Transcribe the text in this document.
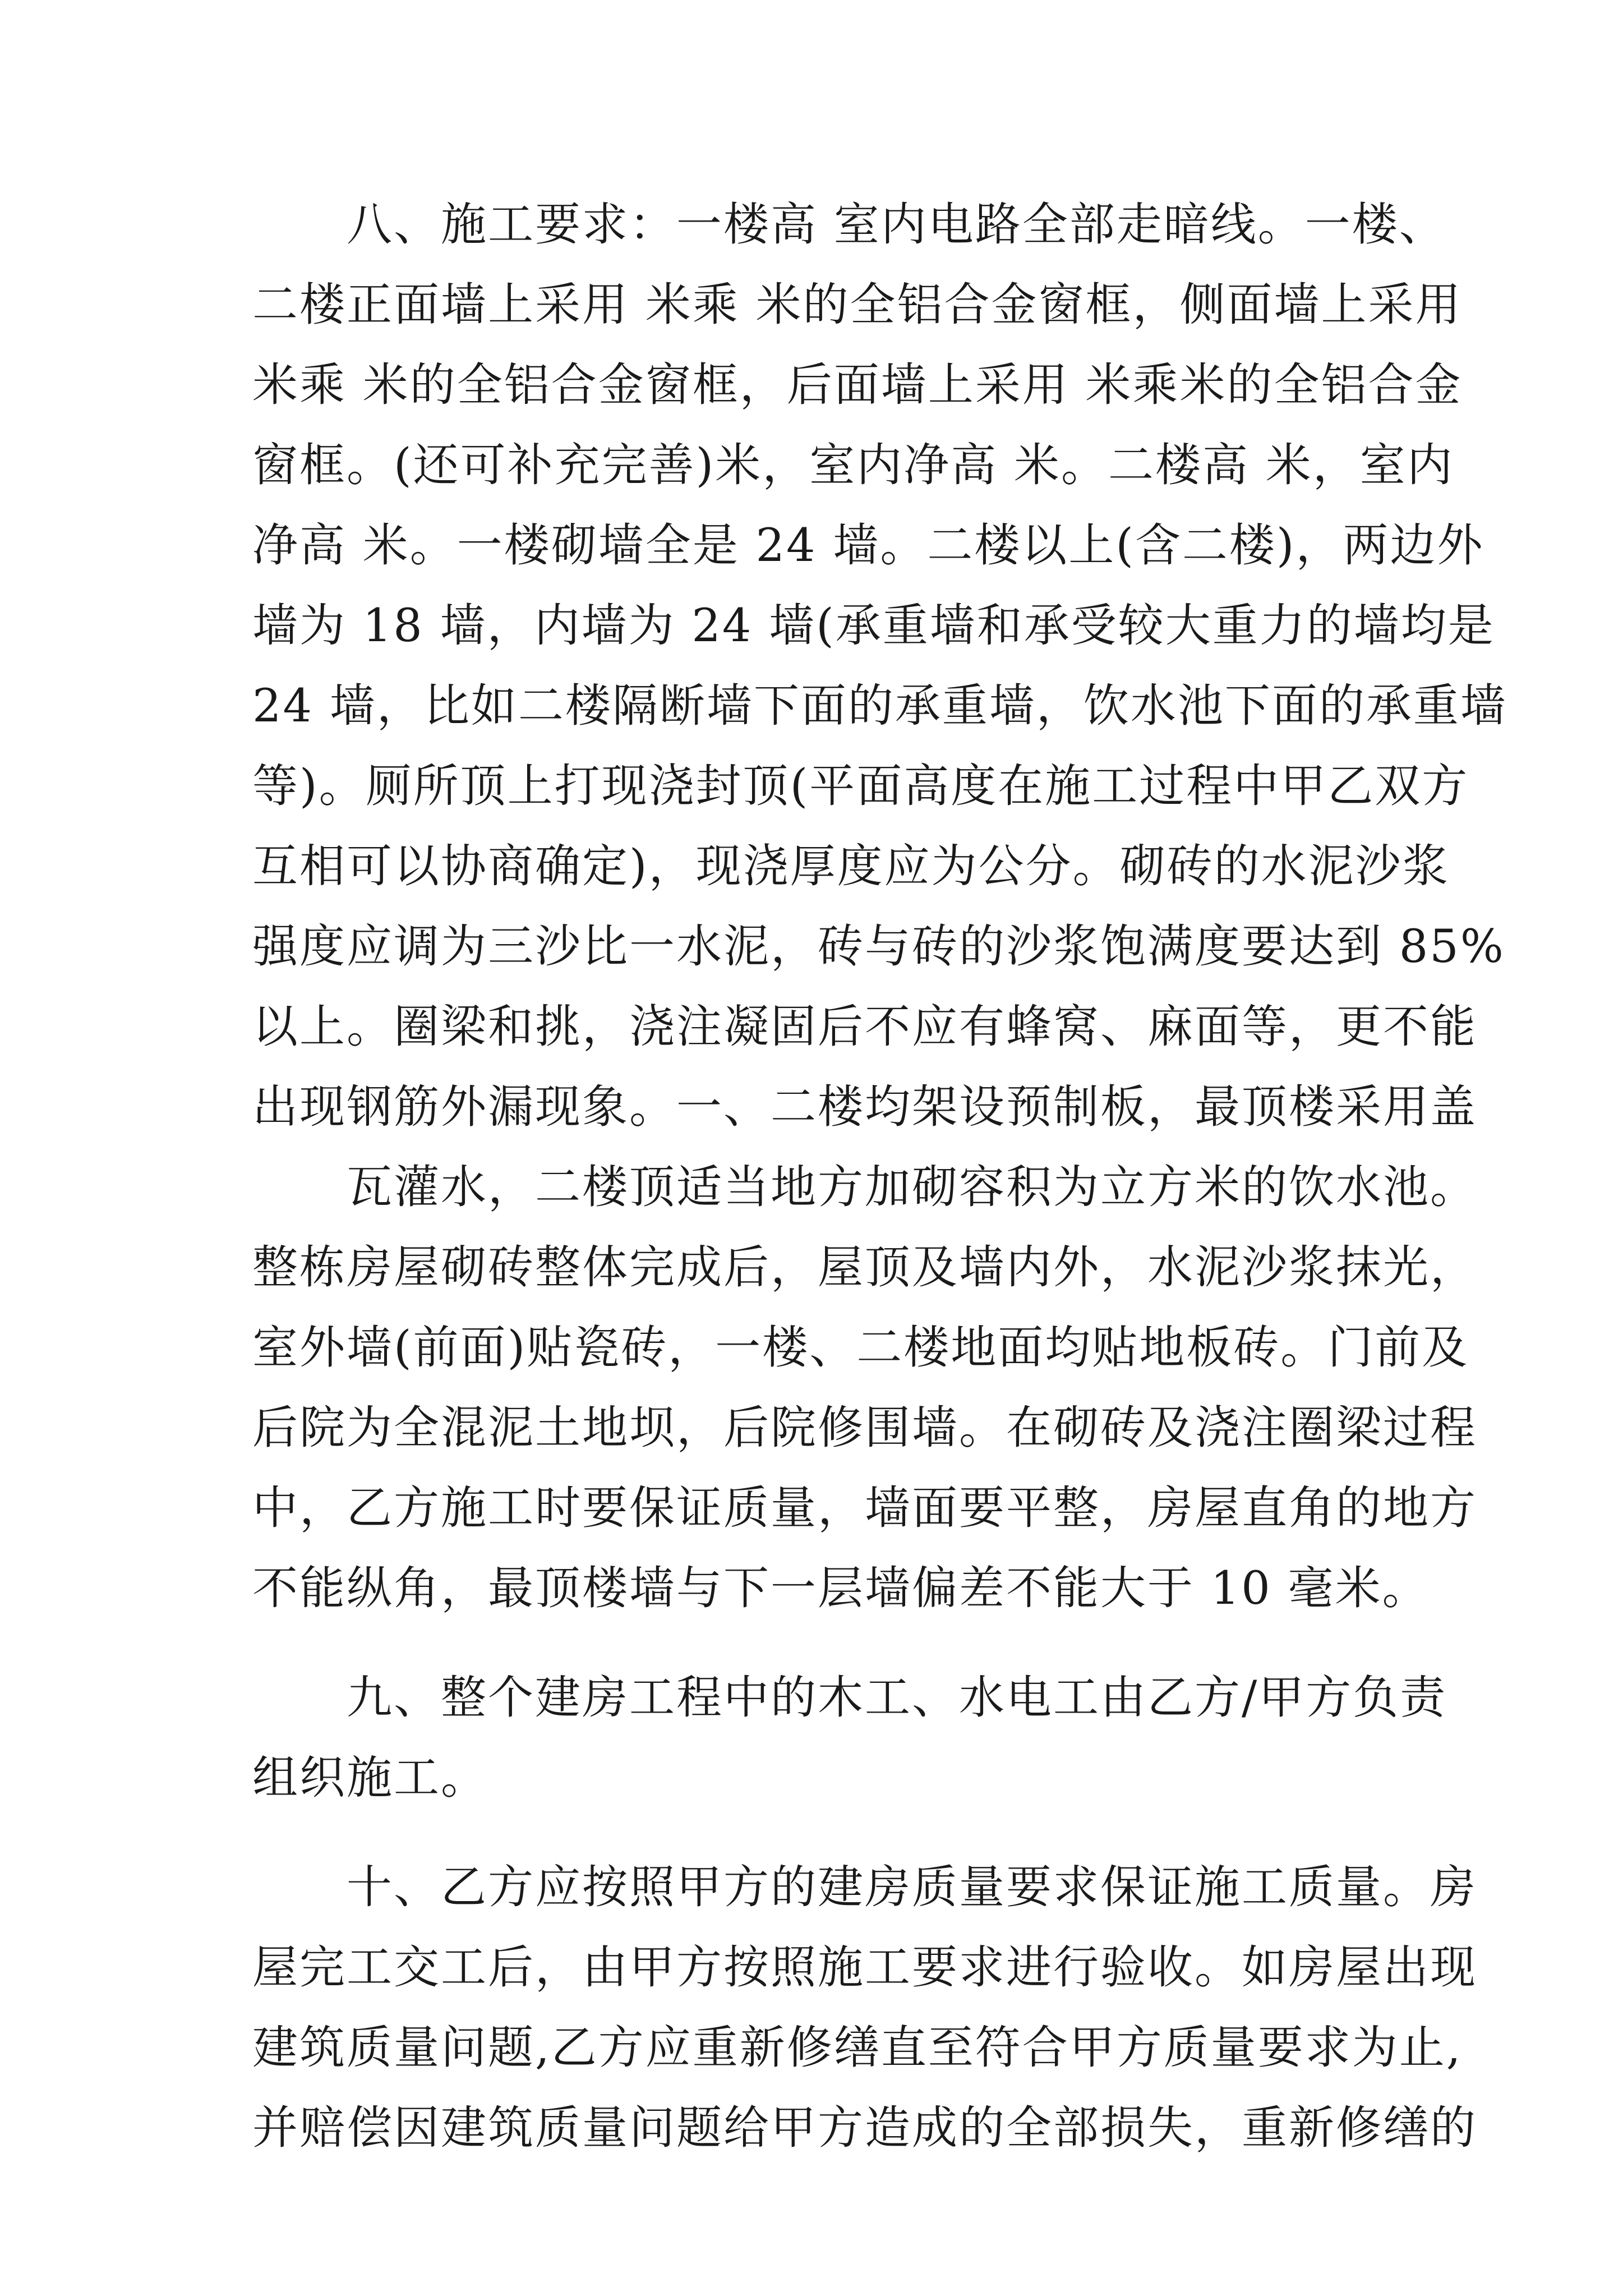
　　八、施工要求：一楼高 室内电路全部走暗线。一楼、
二楼正面墙上采用 米乘 米的全铝合金窗框，侧面墙上采用
米乘 米的全铝合金窗框，后面墙上采用 米乘米的全铝合金
窗框。(还可补充完善)米，室内净高 米。二楼高 米，室内
净高 米。一楼砌墙全是 24 墙。二楼以上(含二楼)，两边外
墙为 18 墙，内墙为 24 墙(承重墙和承受较大重力的墙均是
24 墙，比如二楼隔断墙下面的承重墙，饮水池下面的承重墙
等)。厕所顶上打现浇封顶(平面高度在施工过程中甲乙双方
互相可以协商确定)，现浇厚度应为公分。砌砖的水泥沙浆
强度应调为三沙比一水泥，砖与砖的沙浆饱满度要达到 85%
以上。圈梁和挑，浇注凝固后不应有蜂窝、麻面等，更不能
出现钢筋外漏现象。一、二楼均架设预制板，最顶楼采用盖
　　瓦灌水，二楼顶适当地方加砌容积为立方米的饮水池。
整栋房屋砌砖整体完成后，屋顶及墙内外，水泥沙浆抹光，
室外墙(前面)贴瓷砖，一楼、二楼地面均贴地板砖。门前及
后院为全混泥土地坝，后院修围墙。在砌砖及浇注圈梁过程
中，乙方施工时要保证质量，墙面要平整，房屋直角的地方
不能纵角，最顶楼墙与下一层墙偏差不能大于 10 毫米。
　　九、整个建房工程中的木工、水电工由乙方/甲方负责
组织施工。
　　十、乙方应按照甲方的建房质量要求保证施工质量。房
屋完工交工后，由甲方按照施工要求进行验收。如房屋出现
建筑质量问题,乙方应重新修缮直至符合甲方质量要求为止,
并赔偿因建筑质量问题给甲方造成的全部损失，重新修缮的
